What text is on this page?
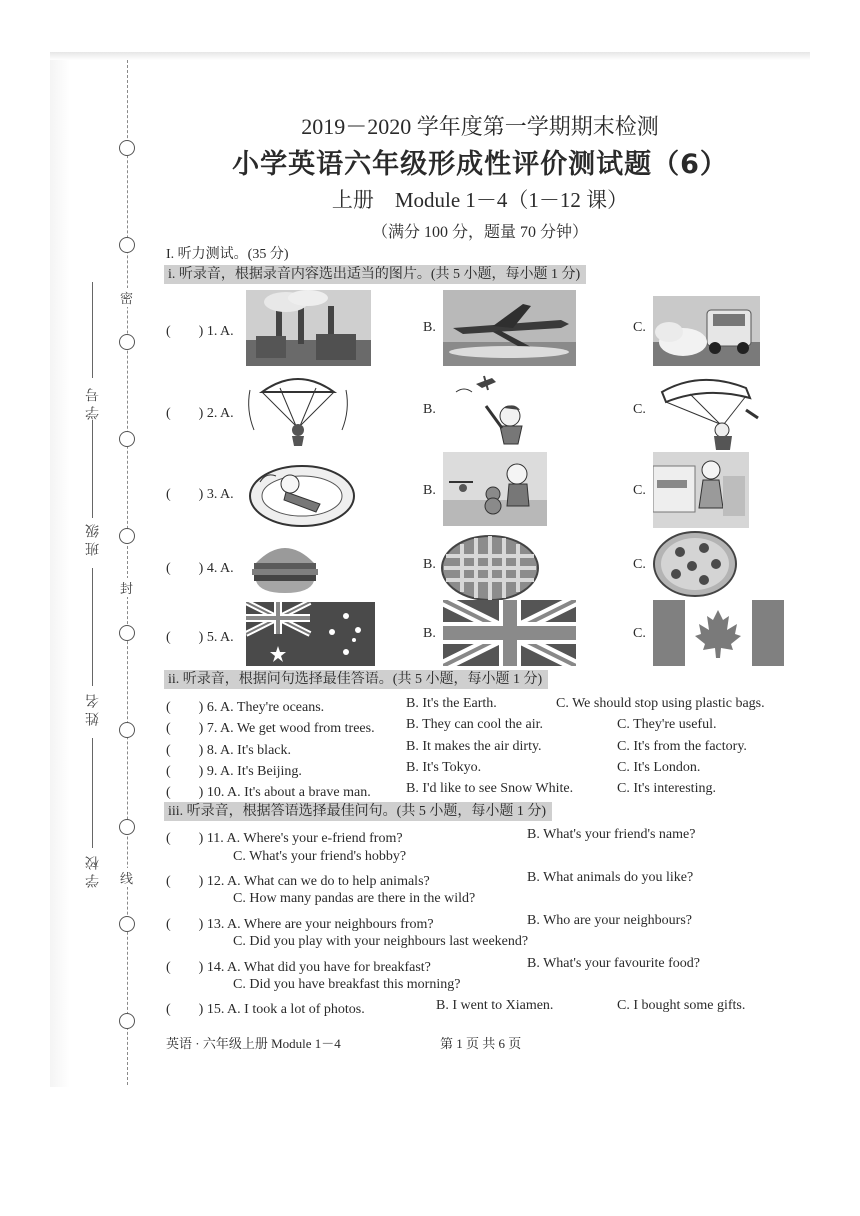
密
封
线
学号
班级
姓名
学校
2019－2020 学年度第一学期期末检测
小学英语六年级形成性评价测试题（6）
上册　Module 1－4（1－12 课）
（满分 100 分，题量 70 分钟）
I. 听力测试。(35 分)
i. 听录音，根据录音内容选出适当的图片。(共 5 小题，每小题 1 分)
(　　) 1. A.	B.	C.
(　　) 2. A.	B.	C.
(　　) 3. A.	B.	C.
(　　) 4. A.	B.	C.
(　　) 5. A.	B.	C.
ii. 听录音，根据问句选择最佳答语。(共 5 小题，每小题 1 分)
(　　) 6. A. They're oceans.	B. It's the Earth.	C. We should stop using plastic bags.
(　　) 7. A. We get wood from trees. B. They can cool the air.	C. They're useful.
(　　) 8. A. It's black.	B. It makes the air dirty.	C. It's from the factory.
(　　) 9. A. It's Beijing.	B. It's Tokyo.	C. It's London.
(　　) 10. A. It's about a brave man.	B. I'd like to see Snow White.	C. It's interesting.
iii. 听录音，根据答语选择最佳问句。(共 5 小题，每小题 1 分)
(　　) 11. A. Where's your e-friend from?	B. What's your friend's name?
C. What's your friend's hobby?
(　　) 12. A. What can we do to help animals?	B. What animals do you like?
C. How many pandas are there in the wild?
(　　) 13. A. Where are your neighbours from?	B. Who are your neighbours?
C. Did you play with your neighbours last weekend?
(　　) 14. A. What did you have for breakfast?	B. What's your favourite food?
C. Did you have breakfast this morning?
(　　) 15. A. I took a lot of photos.	B. I went to Xiamen.	C. I bought some gifts.
英语 · 六年级上册 Module 1－4	第 1 页 共 6 页
